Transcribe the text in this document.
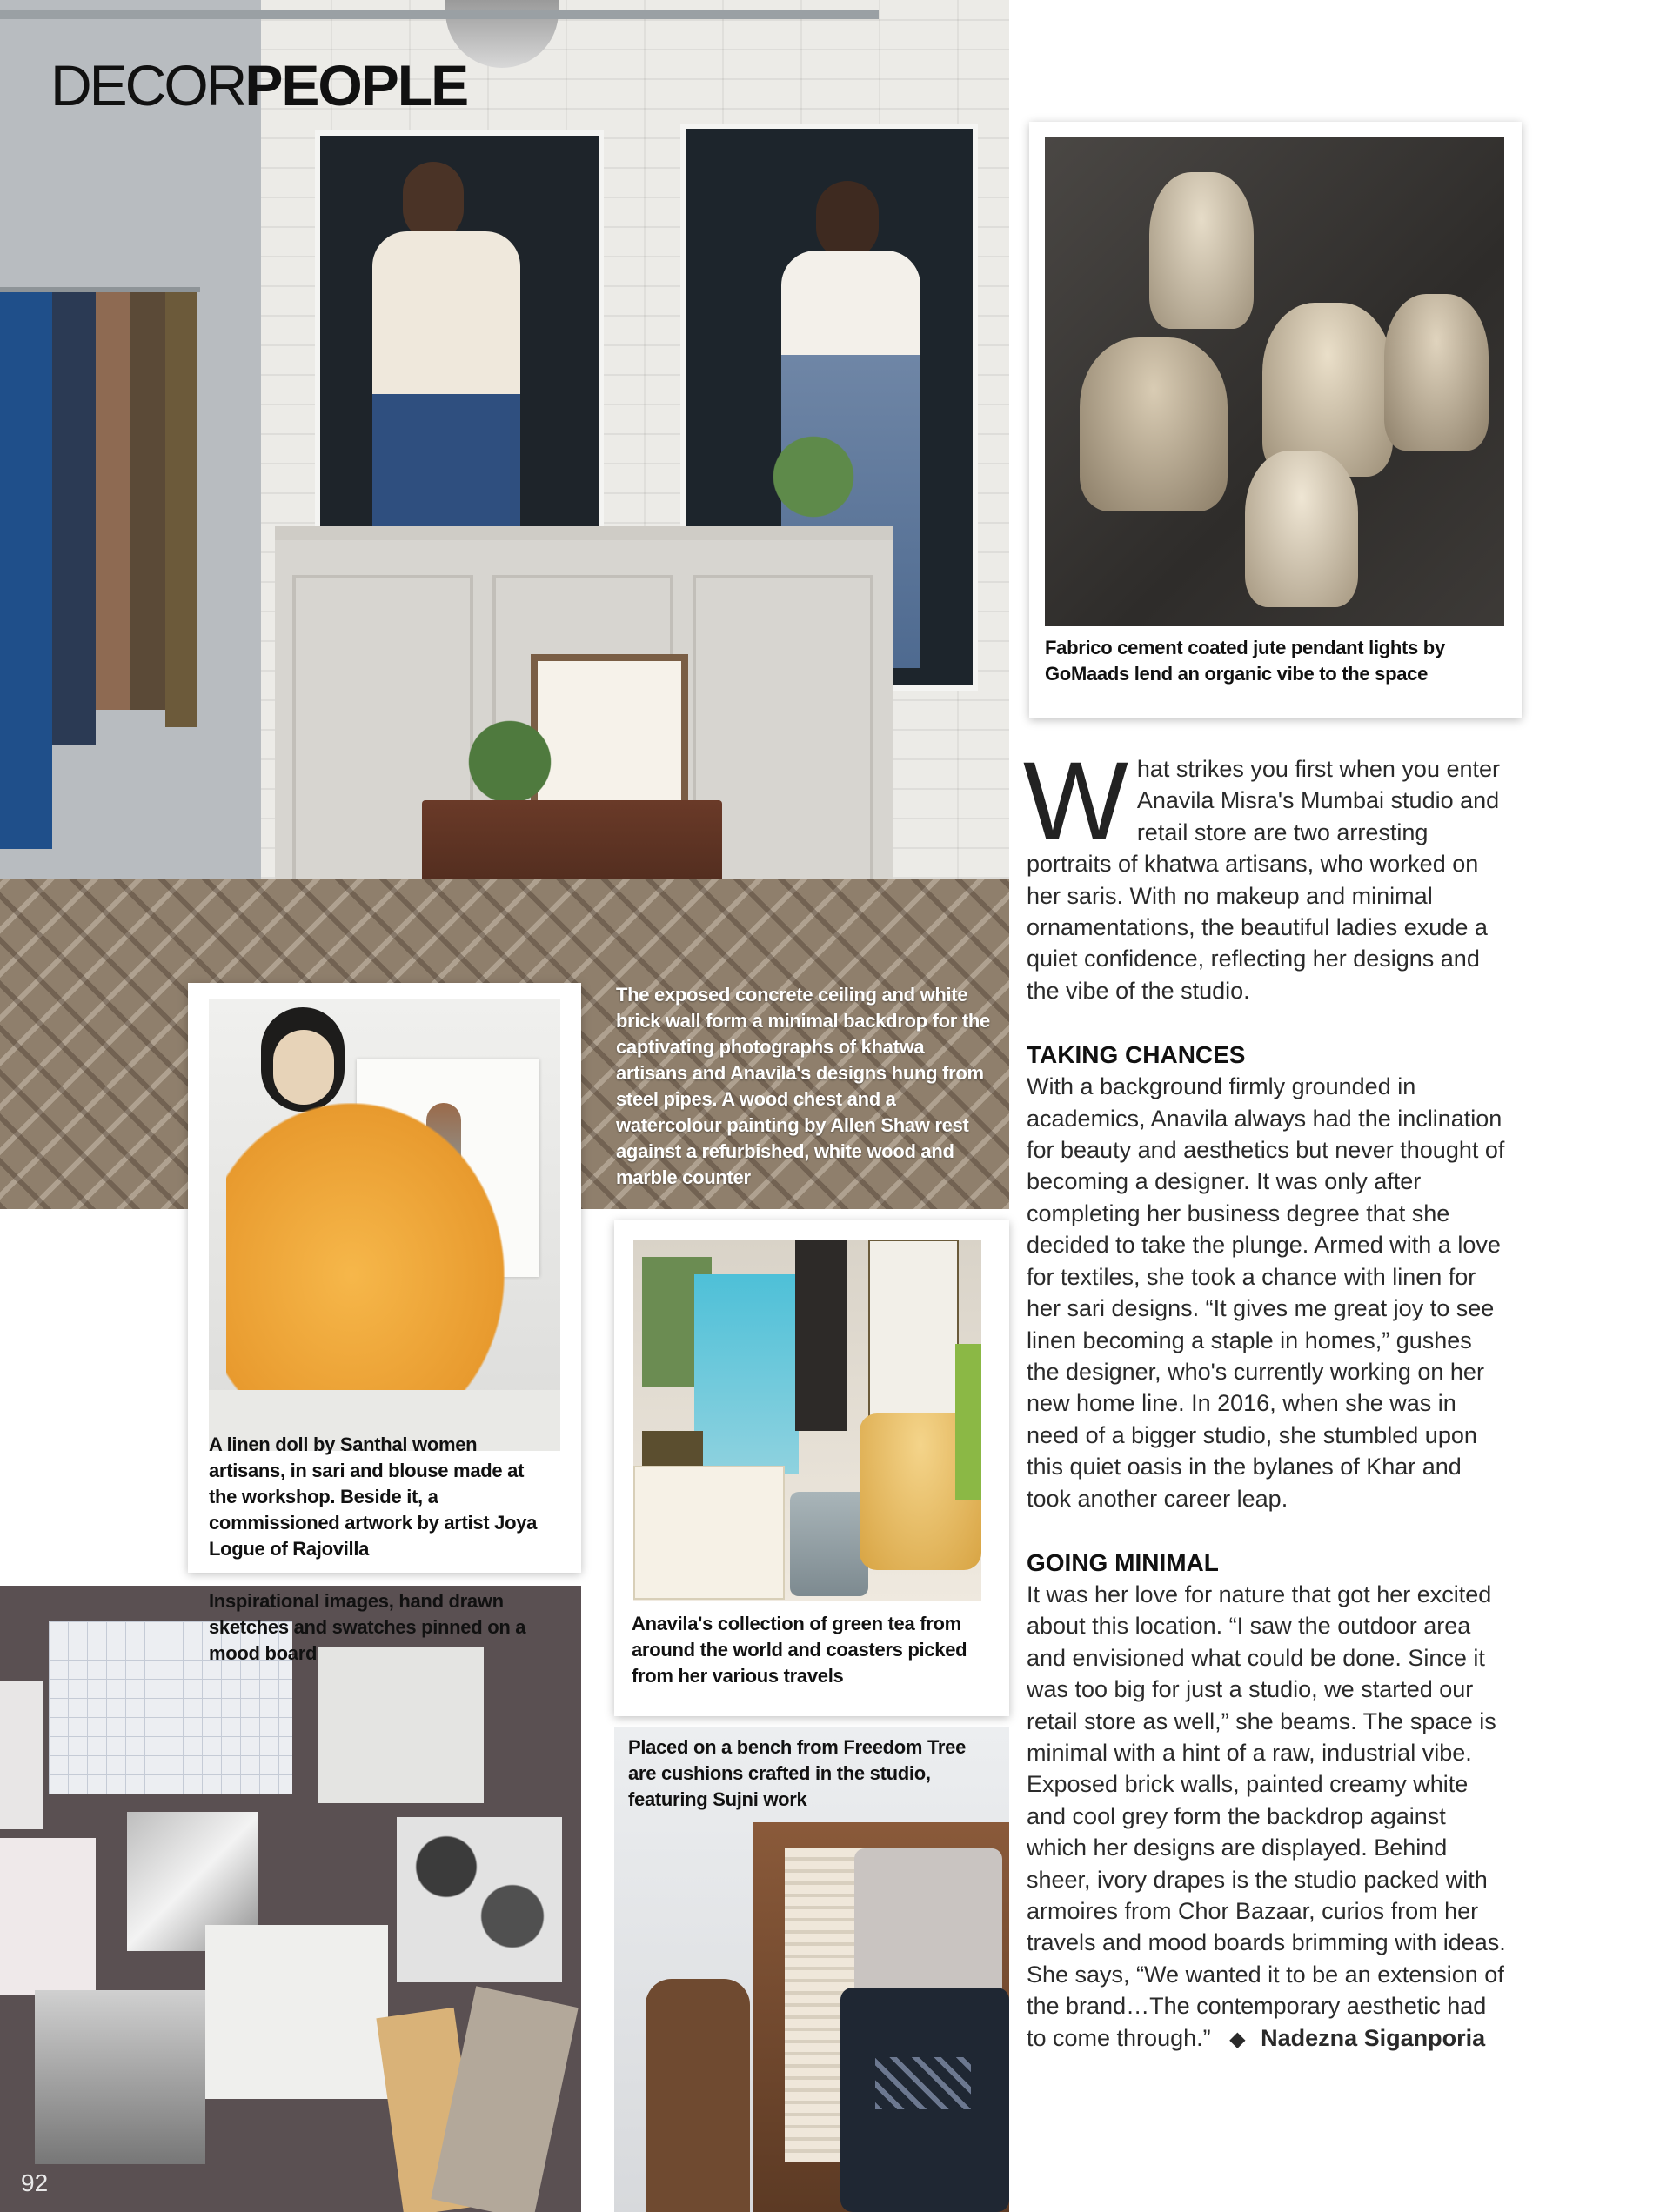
DECORPEOPLE
The exposed concrete ceiling and white brick wall form a minimal backdrop for the captivating photographs of khatwa artisans and Anavila's designs hung from steel pipes. A wood chest and a watercolour painting by Allen Shaw rest against a refurbished, white wood and marble counter
Fabrico cement coated jute pendant lights by GoMaads lend an organic vibe to the space
A linen doll by Santhal women artisans, in sari and blouse made at the workshop. Beside it, a commissioned artwork by artist Joya Logue of Rajovilla
Inspirational images, hand drawn sketches and swatches pinned on a mood board
92
Anavila's collection of green tea from around the world and coasters picked from her various travels
Placed on a bench from Freedom Tree are cushions crafted in the studio, featuring Sujni work

W hat strikes you first when you enter Anavila Misra's Mumbai studio and retail store are two arresting portraits of khatwa artisans, who worked on her saris. With no makeup and minimal ornamentations, the beautiful ladies exude a quiet confidence, reflecting her designs and the vibe of the studio.

TAKING CHANCES

With a background firmly grounded in academics, Anavila always had the inclination for beauty and aesthetics but never thought of becoming a designer. It was only after completing her business degree that she decided to take the plunge. Armed with a love for textiles, she took a chance with linen for her sari designs. “It gives me great joy to see linen becoming a staple in homes,” gushes the designer, who's currently working on her new home line. In 2016, when she was in need of a bigger studio, she stumbled upon this quiet oasis in the bylanes of Khar and took another career leap.

GOING MINIMAL

It was her love for nature that got her excited about this location. “I saw the outdoor area and envisioned what could be done. Since it was too big for just a studio, we started our retail store as well,” she beams. The space is minimal with a hint of a raw, industrial vibe. Exposed brick walls, painted creamy white and cool grey form the backdrop against which her designs are displayed. Behind sheer, ivory drapes is the studio packed with armoires from Chor Bazaar, curios from her travels and mood boards brimming with ideas. She says, “We wanted it to be an extension of the brand…The contemporary aesthetic had to come through.” ◆ Nadezna Siganporia
